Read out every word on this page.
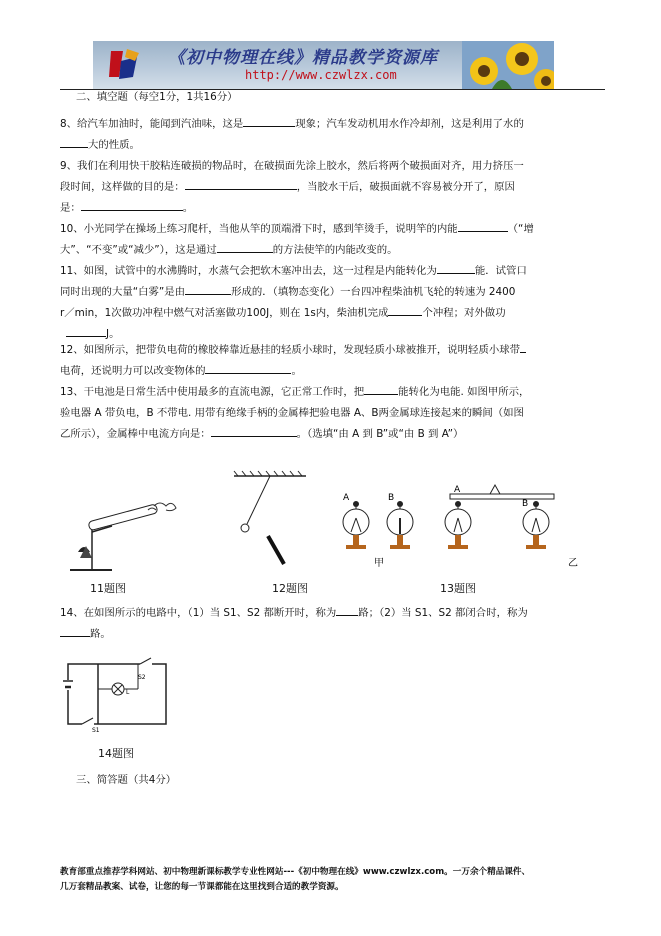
《初中物理在线》精品教学资源库
http://www.czwlzx.com

二、填空题（每空1分，1共16分）

8、给汽车加油时，能闻到汽油味，这是	现象；汽车发动机用水作冷却剂，这是利用了水的
大的性质。

9、我们在利用快干胶粘连破损的物品时，在破损面先涂上胶水，然后将两个破损面对齐，用力挤压一
段时间，这样做的目的是：	，当胶水干后，破损面就不容易被分开了，原因
是：	。

10、小光同学在操场上练习爬杆，当他从竿的顶端滑下时，感到竿烫手，说明竿的内能	（“增
大”、“不变”或“减少”），这是通过	的方法使竿的内能改变的。

11、如图，试管中的水沸腾时，水蒸气会把软木塞冲出去，这一过程是内能转化为	能．试管口
同时出现的大量“白雾”是由	形成的．（填物态变化）一台四冲程柴油机飞轮的转速为 2400
r／min，1次做功冲程中燃气对活塞做功100J，则在 1s内，柴油机完成	个冲程；对外做功
J。

12、如图所示，把带负电荷的橡胶棒靠近悬挂的轻质小球时，发现轻质小球被推开，说明轻质小球带
电荷，还说明力可以改变物体的	。

13、干电池是日常生活中使用最多的直流电源，它正常工作时，把	能转化为电能. 如图甲所示，
验电器 A 带负电，B 不带电. 用带有绝缘手柄的金属棒把验电器 A、B两金属球连接起来的瞬间（如图
乙所示），金属棒中电流方向是：	。（选填“由 A 到 B”或“由 B 到 A”）

11题图	12题图
A	B
A
B
甲	乙
13题图

14、在如图所示的电路中，（1）当 S1、S2 都断开时，称为 路；（2）当 S1、S2 都闭合时，称为
路。

S2
L
S1
14题图

三、简答题（共4分）

教育部重点推荐学科网站、初中物理新课标教学专业性网站---《初中物理在线》www.czwlzx.com。一万余个精品课件、
几万套精品教案、试卷，让您的每一节课都能在这里找到合适的教学资源。
